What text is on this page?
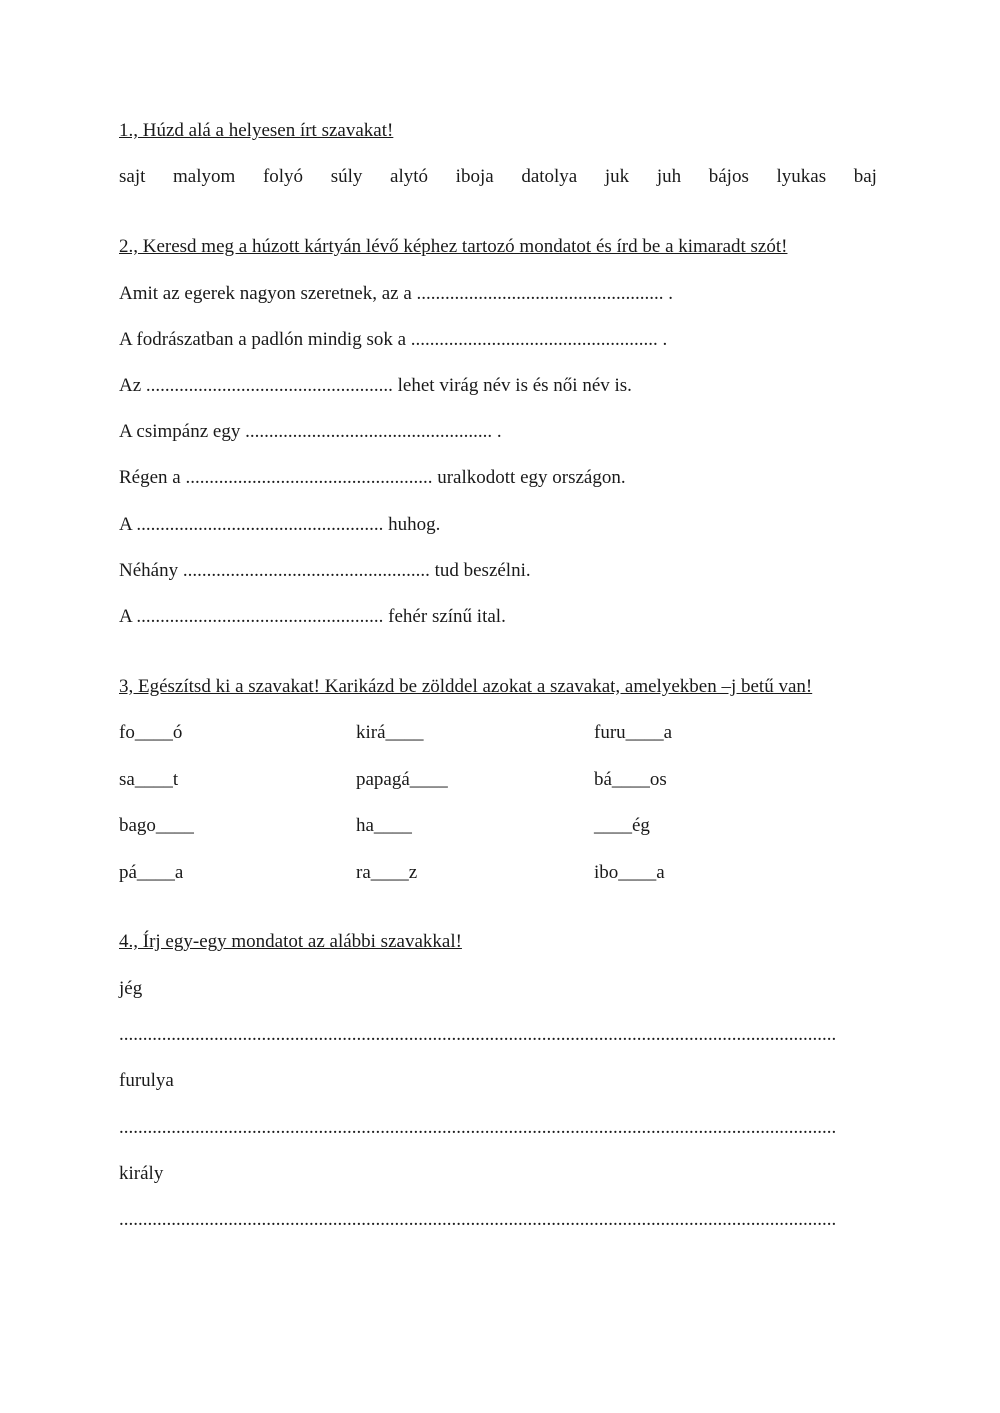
1., Húzd alá a helyesen írt szavakat!
sajt malyom folyó súly alytó iboja datolya juk juh bájos lyukas baj
2., Keresd meg a húzott kártyán lévő képhez tartozó mondatot és írd be a kimaradt szót!
Amit az egerek nagyon szeretnek, az a .................................................... .
A fodrászatban a padlón mindig sok a .................................................... .
Az .................................................... lehet virág név is és női név is.
A csimpánz egy .................................................... .
Régen a .................................................... uralkodott egy országon.
A .................................................... huhog.
Néhány .................................................... tud beszélni.
A .................................................... fehér színű ital.
3, Egészítsd ki a szavakat! Karikázd be zölddel azokat a szavakat, amelyekben –j betű van!
fo____ó	kirá____	furu____a
sa____t	papagá____	bá____os
bago____	ha____	____ég
pá____a	ra____z	ibo____a
4., Írj egy-egy mondatot az alábbi szavakkal!
jég
.......................................................................................................................................................
furulya
.......................................................................................................................................................
király
.......................................................................................................................................................
